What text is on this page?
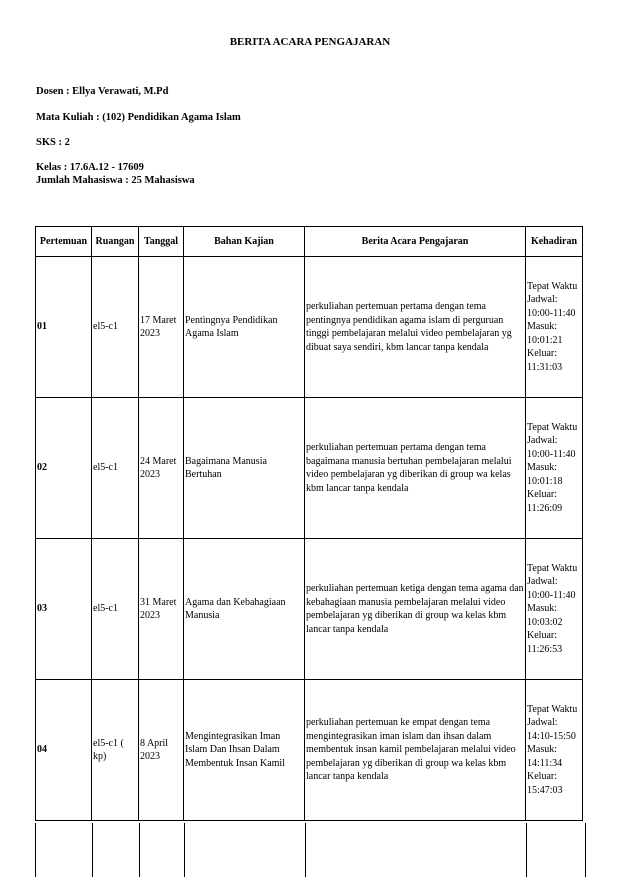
BERITA ACARA PENGAJARAN
Dosen : Ellya Verawati, M.Pd
Mata Kuliah : (102) Pendidikan Agama Islam
SKS : 2
Kelas : 17.6A.12 - 17609
Jumlah Mahasiswa : 25 Mahasiswa
Pertemuan	Ruangan	Tanggal	Bahan Kajian	Berita Acara Pengajaran	Kehadiran
01	el5-c1	17 Maret 2023	Pentingnya Pendidikan Agama Islam	perkuliahan pertemuan pertama dengan tema pentingnya pendidikan agama islam di perguruan tinggi pembelajaran melalui video pembelajaran yg dibuat saya sendiri, kbm lancar tanpa kendala	Tepat Waktu Jadwal: 10:00-11:40 Masuk: 10:01:21 Keluar: 11:31:03
02	el5-c1	24 Maret 2023	Bagaimana Manusia Bertuhan	perkuliahan pertemuan pertama dengan tema bagaimana manusia bertuhan pembelajaran melalui video pembelajaran yg diberikan di group wa kelas kbm lancar tanpa kendala	Tepat Waktu Jadwal: 10:00-11:40 Masuk: 10:01:18 Keluar: 11:26:09
03	el5-c1	31 Maret 2023	Agama dan Kebahagiaan Manusia	perkuliahan pertemuan ketiga dengan tema agama dan kebahagiaan manusia pembelajaran melalui video pembelajaran yg diberikan di group wa kelas kbm lancar tanpa kendala	Tepat Waktu Jadwal: 10:00-11:40 Masuk: 10:03:02 Keluar: 11:26:53
04	el5-c1 ( kp)	8 April 2023	Mengintegrasikan Iman Islam Dan Ihsan Dalam Membentuk Insan Kamil	perkuliahan pertemuan ke empat dengan tema mengintegrasikan iman islam dan ihsan dalam membentuk insan kamil pembelajaran melalui video pembelajaran yg diberikan di group wa kelas kbm lancar tanpa kendala	Tepat Waktu Jadwal: 14:10-15:50 Masuk: 14:11:34 Keluar: 15:47:03
